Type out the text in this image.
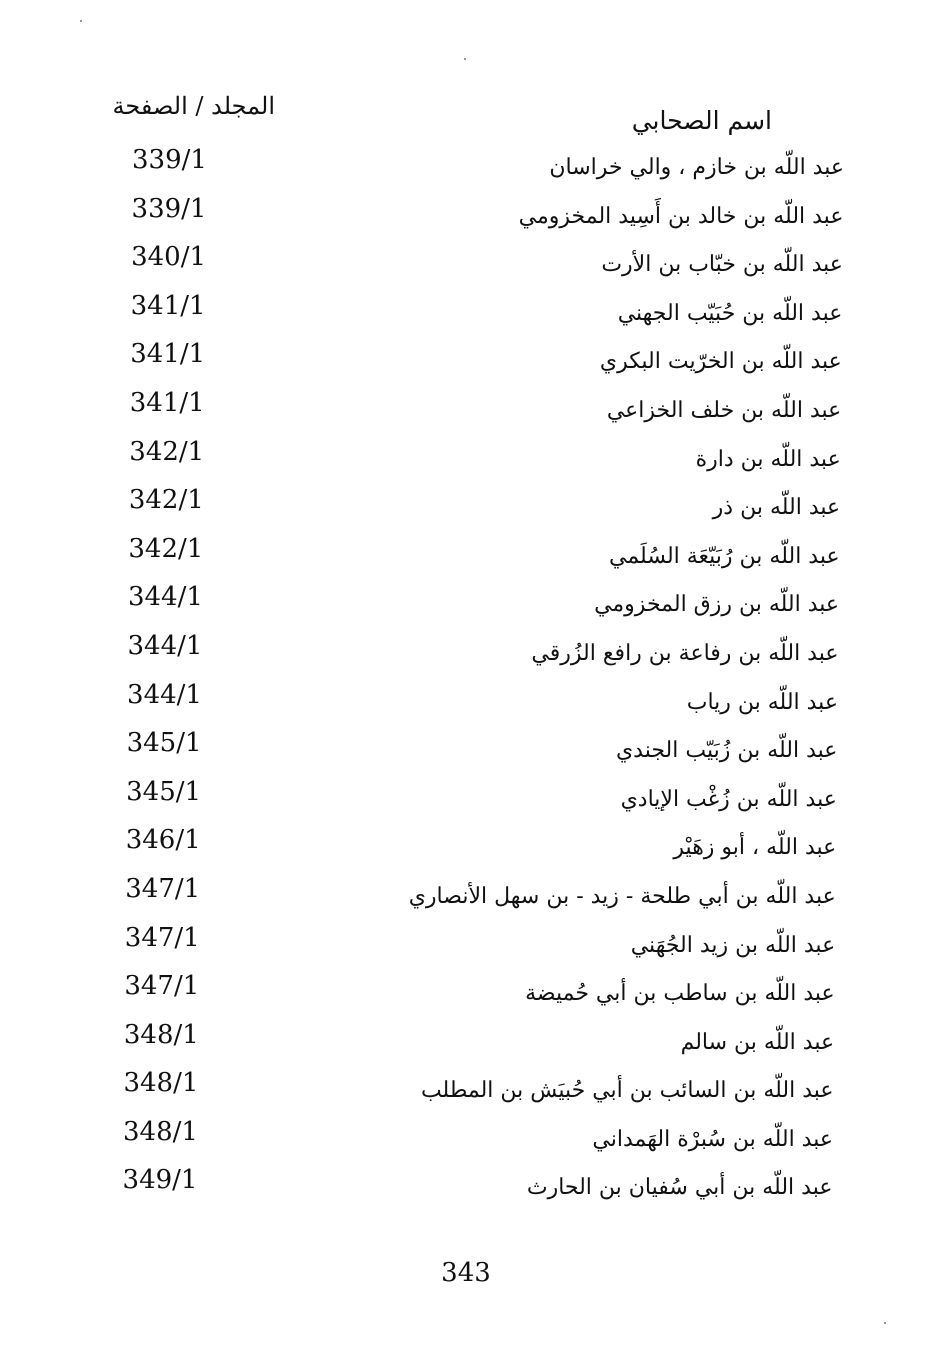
اسم الصحابي
المجلد / الصفحة
عبد اللّه بن خازم ، والي خراسان
339/1
عبد اللّه بن خالد بن أَسِيد المخزومي
339/1
عبد اللّه بن خبّاب بن الأرت
340/1
عبد اللّه بن حُبَيّب الجهني
341/1
عبد اللّه بن الخرّيت البكري
341/1
عبد اللّه بن خلف الخزاعي
341/1
عبد اللّه بن دارة
342/1
عبد اللّه بن ذر
342/1
عبد اللّه بن رُبَيّعَة السُلَمي
342/1
عبد اللّه بن رزق المخزومي
344/1
عبد اللّه بن رفاعة بن رافع الزُرقي
344/1
عبد اللّه بن رياب
344/1
عبد اللّه بن زُبَيّب الجندي
345/1
عبد اللّه بن زُغْب الإيادي
345/1
عبد اللّه ، أبو زهَيْر
346/1
عبد اللّه بن أبي طلحة - زيد - بن سهل الأنصاري
347/1
عبد اللّه بن زيد الجُهَني
347/1
عبد اللّه بن ساطب بن أبي حُميضة
347/1
عبد اللّه بن سالم
348/1
عبد اللّه بن السائب بن أبي حُبيَش بن المطلب
348/1
عبد اللّه بن سُبرْة الهَمداني
348/1
عبد اللّه بن أبي سُفيان بن الحارث
349/1
343
